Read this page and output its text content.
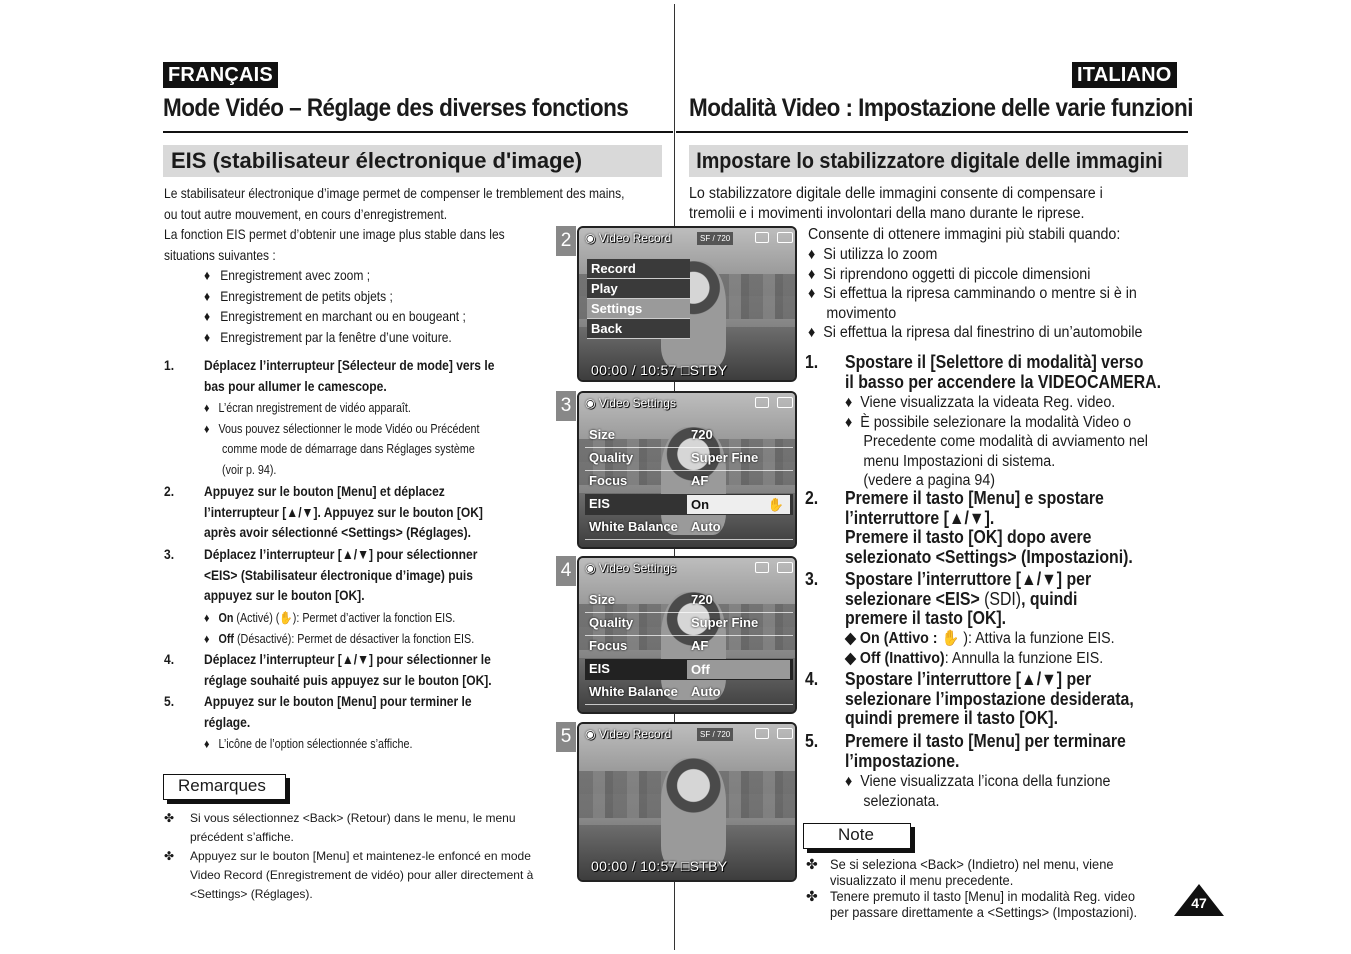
FRANÇAIS	ITALIANO
Mode Vidéo – Réglage des diverses fonctions Modalità Video : Impostazione delle varie funzioni
EIS (stabilisateur électronique d'image)	Impostare lo stabilizzatore digitale delle immagini
Le stabilisateur électronique d’image permet de compenser le tremblement des mains,
ou tout autre mouvement, en cours d’enregistrement.
La fonction EIS permet d’obtenir une image plus stable dans les
situations suivantes :
♦ Enregistrement avec zoom ;
♦ Enregistrement de petits objets ;
♦ Enregistrement en marchant ou en bougeant ;
♦ Enregistrement par la fenêtre d’une voiture.
1. Déplacez l’interrupteur [Sélecteur de mode] vers le
bas pour allumer le camescope.
♦ L’écran nregistrement de vidéo apparaît.
♦ Vous pouvez sélectionner le mode Vidéo ou Précédent
comme mode de démarrage dans Réglages système
(voir p. 94).
2. Appuyez sur le bouton [Menu] et déplacez
l’interrupteur [▲/▼]. Appuyez sur le bouton [OK]
après avoir sélectionné <Settings> (Réglages).
3. Déplacez l’interrupteur [▲/▼] pour sélectionner
<EIS> (Stabilisateur électronique d’image) puis
appuyez sur le bouton [OK].
♦ On (Activé) (✋): Permet d’activer la fonction EIS.
♦ Off (Désactivé): Permet de désactiver la fonction EIS.
4. Déplacez l’interrupteur [▲/▼] pour sélectionner le
réglage souhaité puis appuyez sur le bouton [OK].
5. Appuyez sur le bouton [Menu] pour terminer le
réglage.
♦ L’icône de l’option sélectionnée s’affiche.
Remarques
✤	Si vous sélectionnez <Back> (Retour) dans le menu, le menu
précédent s’affiche.
✤	Appuyez sur le bouton [Menu] et maintenez-le enfoncé en mode
Video Record (Enregistrement de vidéo) pour aller directement à
<Settings> (Réglages).
2	◉ Video Record	SF / 720
Record
Play
Settings
Back
00:00 / 10:57 □STBY
3	◉ Video Settings
Size	720
Quality	Super Fine
Focus	AF
EIS	On	✋
White Balance Auto
4	◉ Video Settings
Size	720
Quality	Super Fine
Focus	AF
EIS	Off
White Balance Auto
5	◉ Video Record	SF / 720
00:00 / 10:57 □STBY
Lo stabilizzatore digitale delle immagini consente di compensare i
tremolii e i movimenti involontari della mano durante le riprese.
Consente di ottenere immagini più stabili quando:
♦ Si utilizza lo zoom
♦ Si riprendono oggetti di piccole dimensioni
♦ Si effettua la ripresa camminando o mentre si è in
movimento
♦ Si effettua la ripresa dal finestrino di un’automobile
1. Spostare il [Selettore di modalità] verso
il basso per accendere la VIDEOCAMERA.
♦ Viene visualizzata la videata Reg. video.
♦ È possibile selezionare la modalità Video o
Precedente come modalità di avviamento nel
menu Impostazioni di sistema.
(vedere a pagina 94)
2. Premere il tasto [Menu] e spostare
l’interruttore [▲/▼].
Premere il tasto [OK] dopo avere
selezionato <Settings> (Impostazioni).
3. Spostare l’interruttore [▲/▼] per
selezionare <EIS> (SDI), quindi
premere il tasto [OK].
◆ On (Attivo : ✋ ): Attiva la funzione EIS.
◆ Off (Inattivo): Annulla la funzione EIS.
4. Spostare l’interruttore [▲/▼] per
selezionare l’impostazione desiderata,
quindi premere il tasto [OK].
5. Premere il tasto [Menu] per terminare
l’impostazione.
♦ Viene visualizzata l’icona della funzione
selezionata.
Note
✤ Se si seleziona <Back> (Indietro) nel menu, viene
visualizzato il menu precedente.
✤ Tenere premuto il tasto [Menu] in modalità Reg. video
per passare direttamente a <Settings> (Impostazioni).
47
